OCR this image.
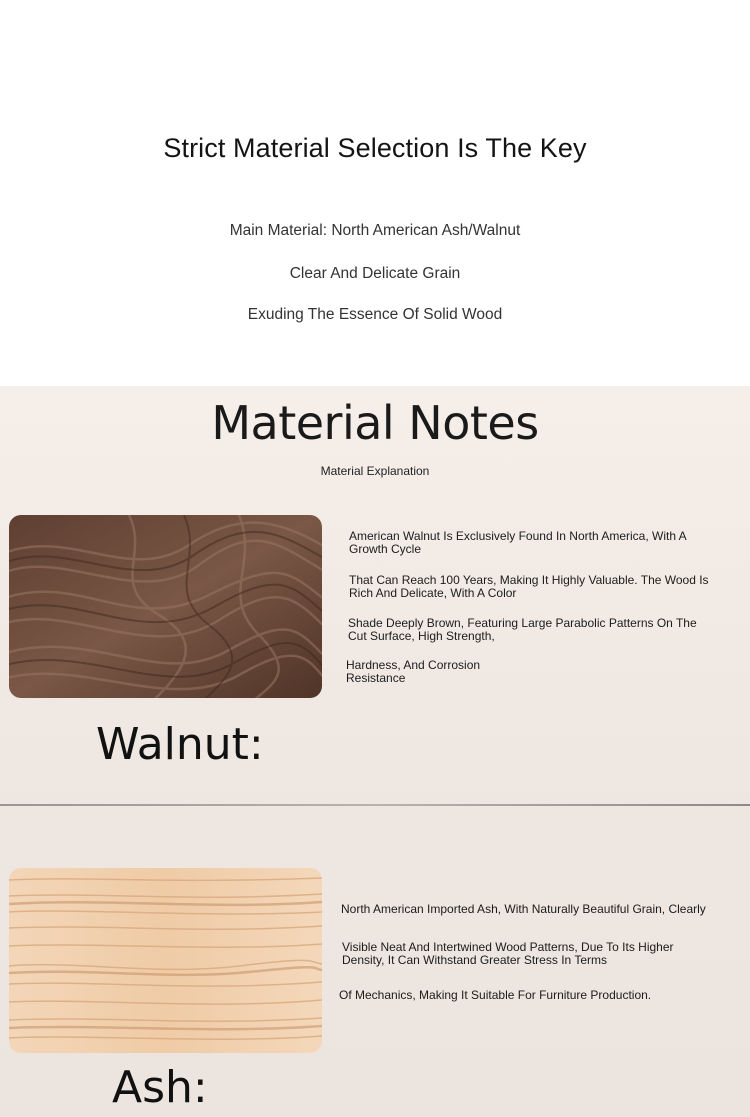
Strict Material Selection Is The Key
Main Material: North American Ash/Walnut
Clear And Delicate Grain
Exuding The Essence Of Solid Wood
Material Notes
Material Explanation
Walnut:
American Walnut Is Exclusively Found In North America, With A Growth Cycle
That Can Reach 100 Years, Making It Highly Valuable. The Wood Is Rich And Delicate, With A Color
Shade Deeply Brown, Featuring Large Parabolic Patterns On The Cut Surface, High Strength,
Hardness, And Corrosion Resistance
Ash:
North American Imported Ash, With Naturally Beautiful Grain, Clearly
Visible Neat And Intertwined Wood Patterns, Due To Its Higher Density, It Can Withstand Greater Stress In Terms
Of Mechanics, Making It Suitable For Furniture Production.
